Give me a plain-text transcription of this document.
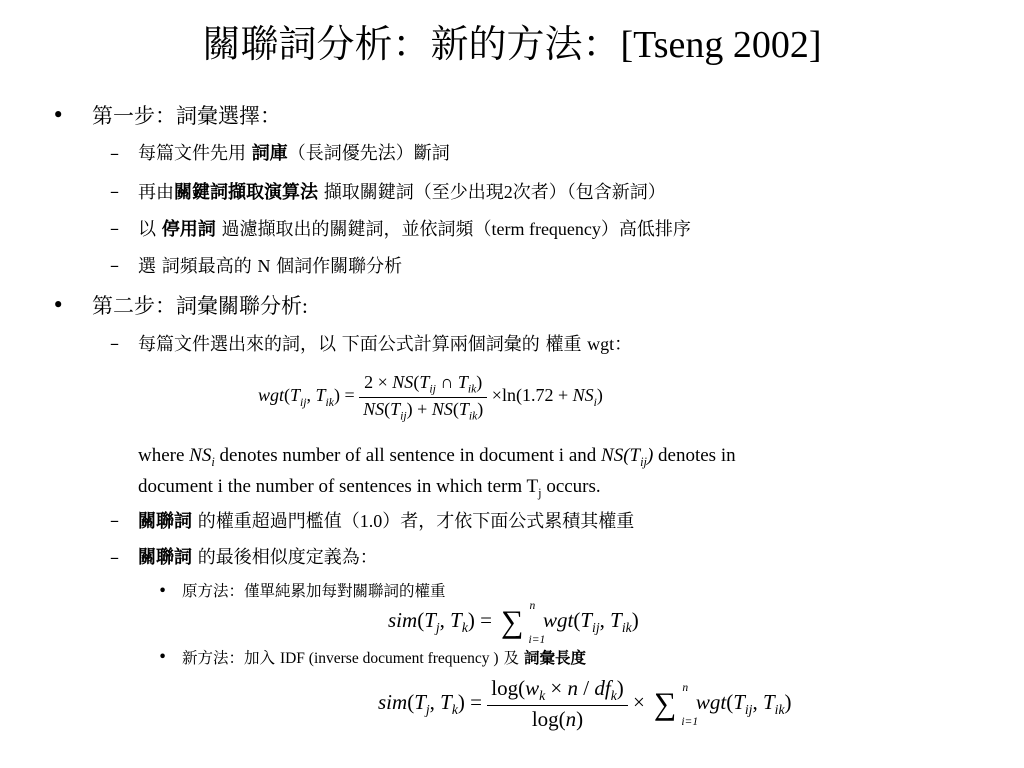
關聯詞分析：新的方法：[Tseng 2002]
• 第一步：詞彙選擇：
– 每篇文件先用 詞庫（長詞優先法）斷詞
– 再由關鍵詞擷取演算法 擷取關鍵詞（至少出現2次者）（包含新詞）
– 以 停用詞 過濾擷取出的關鍵詞，並依詞頻（term frequency）高低排序
– 選 詞頻最高的 N 個詞作關聯分析
• 第二步：詞彙關聯分析:
– 每篇文件選出來的詞，以 下面公式計算兩個詞彙的 權重 wgt：
$wgt(T_{ij}$, $T_{ik}) = \frac{2 \times NS(T_{ij} \cap T_{ik})}{NS(T_{ij}) + NS(T_{ik})} \times\ln(1.72 + NS_i)$
where $NS_i$ denotes number of all sentence in document i and $NS(T_{ij})$ denotes in
document i the number of sentences in which term $T_j$ occurs.
– 關聯詞 的權重超過門檻值（1.0）者，才依下面公式累積其權重
– 關聯詞 的最後相似度定義為：
• 原方法：僅單純累加每對關聯詞的權重
$sim(T_j$, $T_k$) = ∑ n
i=1
$wgt(T_{ij}$, $T_{ik}$)
• 新方法：加入 IDF (inverse document frequency ) 及 詞彙長度
$sim(T_j$, $T_k) = \frac{\log(w_k \times n / df_k)}{\log(n)}$ × ∑ n
i=1
$wgt(T_{ij}$, $T_{ik}$)
